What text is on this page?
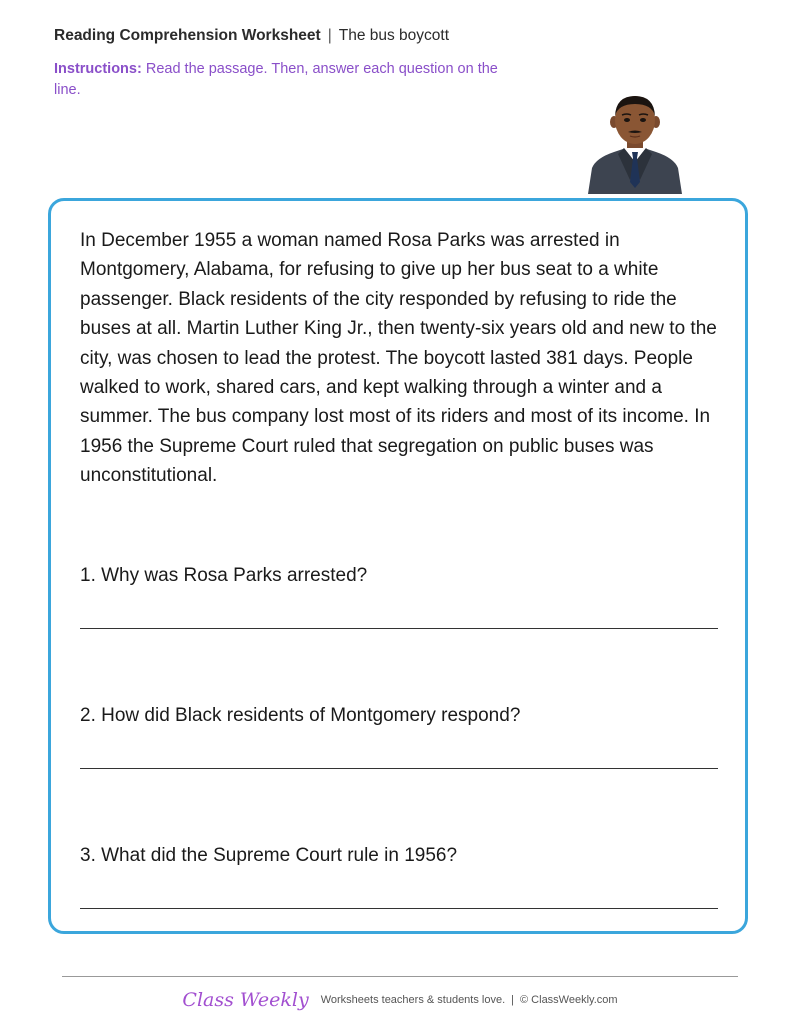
Reading Comprehension Worksheet | The bus boycott
Instructions: Read the passage. Then, answer each question on the line.
In December 1955 a woman named Rosa Parks was arrested in Montgomery, Alabama, for refusing to give up her bus seat to a white passenger. Black residents of the city responded by refusing to ride the buses at all. Martin Luther King Jr., then twenty-six years old and new to the city, was chosen to lead the protest. The boycott lasted 381 days. People walked to work, shared cars, and kept walking through a winter and a summer. The bus company lost most of its riders and most of its income. In 1956 the Supreme Court ruled that segregation on public buses was unconstitutional.
1. Why was Rosa Parks arrested?
2. How did Black residents of Montgomery respond?
3. What did the Supreme Court rule in 1956?
Class Weekly Worksheets teachers & students love. | © ClassWeekly.com
